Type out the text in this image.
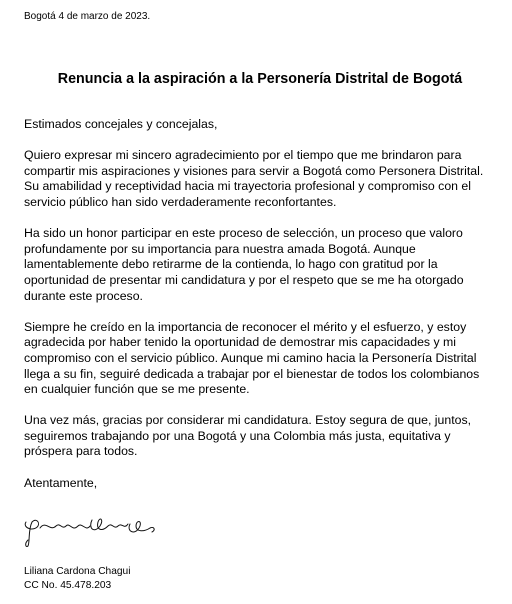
Bogotá 4 de marzo de 2023.
Renuncia a la aspiración a la Personería Distrital de Bogotá

Estimados concejales y concejalas,

Quiero expresar mi sincero agradecimiento por el tiempo que me brindaron para
compartir mis aspiraciones y visiones para servir a Bogotá como Personera Distrital.
Su amabilidad y receptividad hacia mi trayectoria profesional y compromiso con el
servicio público han sido verdaderamente reconfortantes.

Ha sido un honor participar en este proceso de selección, un proceso que valoro
profundamente por su importancia para nuestra amada Bogotá. Aunque
lamentablemente debo retirarme de la contienda, lo hago con gratitud por la
oportunidad de presentar mi candidatura y por el respeto que se me ha otorgado
durante este proceso.

Siempre he creído en la importancia de reconocer el mérito y el esfuerzo, y estoy
agradecida por haber tenido la oportunidad de demostrar mis capacidades y mi
compromiso con el servicio público. Aunque mi camino hacia la Personería Distrital
llega a su fin, seguiré dedicada a trabajar por el bienestar de todos los colombianos
en cualquier función que se me presente.

Una vez más, gracias por considerar mi candidatura. Estoy segura de que, juntos,
seguiremos trabajando por una Bogotá y una Colombia más justa, equitativa y
próspera para todos.

Atentamente,

Liliana Cardona Chagui
CC No. 45.478.203
